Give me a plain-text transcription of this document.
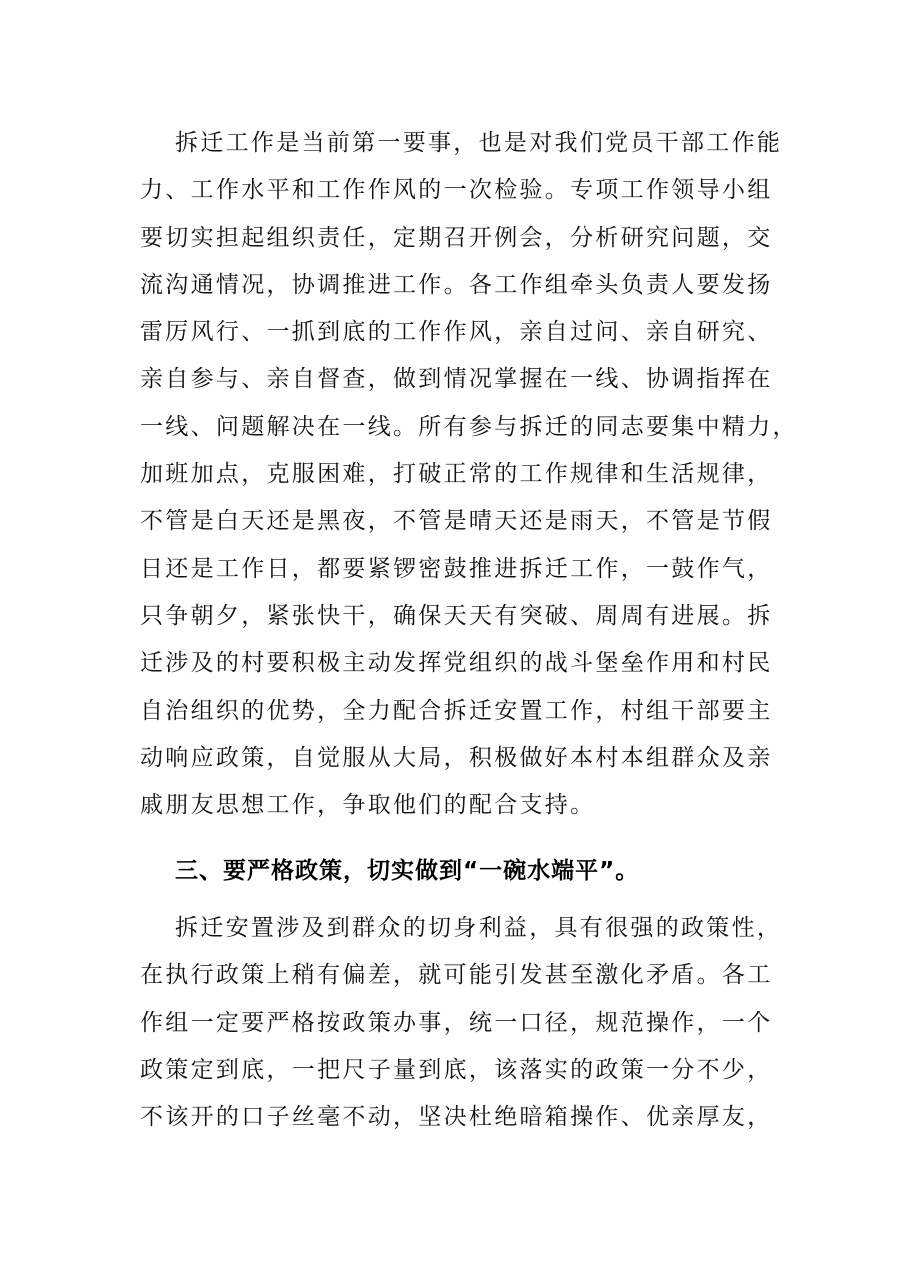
拆迁工作是当前第一要事，也是对我们党员干部工作能
力、工作水平和工作作风的一次检验。专项工作领导小组
要切实担起组织责任，定期召开例会，分析研究问题，交
流沟通情况，协调推进工作。各工作组牵头负责人要发扬
雷厉风行、一抓到底的工作作风，亲自过问、亲自研究、
亲自参与、亲自督查，做到情况掌握在一线、协调指挥在
一线、问题解决在一线。所有参与拆迁的同志要集中精力，
加班加点，克服困难，打破正常的工作规律和生活规律，
不管是白天还是黑夜，不管是晴天还是雨天，不管是节假
日还是工作日，都要紧锣密鼓推进拆迁工作，一鼓作气，
只争朝夕，紧张快干，确保天天有突破、周周有进展。拆
迁涉及的村要积极主动发挥党组织的战斗堡垒作用和村民
自治组织的优势，全力配合拆迁安置工作，村组干部要主
动响应政策，自觉服从大局，积极做好本村本组群众及亲
戚朋友思想工作，争取他们的配合支持。
三、要严格政策，切实做到“一碗水端平”。
拆迁安置涉及到群众的切身利益，具有很强的政策性，
在执行政策上稍有偏差，就可能引发甚至激化矛盾。各工
作组一定要严格按政策办事，统一口径，规范操作，一个
政策定到底，一把尺子量到底，该落实的政策一分不少，
不该开的口子丝毫不动，坚决杜绝暗箱操作、优亲厚友，
